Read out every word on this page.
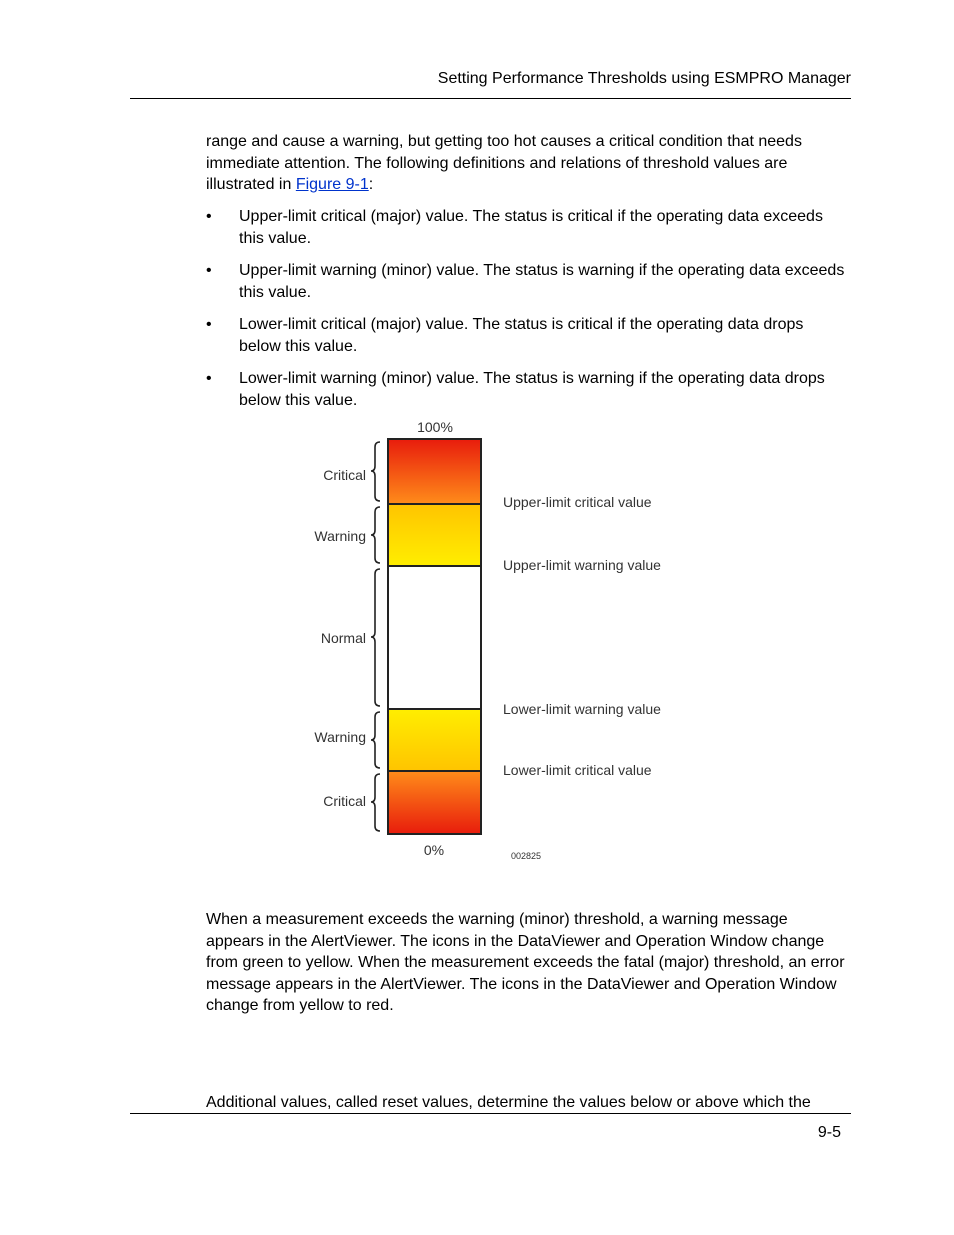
Setting Performance Thresholds using ESMPRO Manager
range and cause a warning, but getting too hot causes a critical condition that needs immediate attention. The following definitions and relations of threshold values are illustrated in Figure 9-1:
• Upper-limit critical (major) value. The status is critical if the operating data exceeds this value.
• Upper-limit warning (minor) value. The status is warning if the operating data exceeds this value.
• Lower-limit critical (major) value. The status is critical if the operating data drops below this value.
• Lower-limit warning (minor) value. The status is warning if the operating data drops below this value.
100%
Critical
Warning
Normal
Warning
Critical
Upper-limit critical value
Upper-limit warning value
Lower-limit warning value
Lower-limit critical value
0%	002825
When a measurement exceeds the warning (minor) threshold, a warning message appears in the AlertViewer. The icons in the DataViewer and Operation Window change from green to yellow. When the measurement exceeds the fatal (major) threshold, an error message appears in the AlertViewer. The icons in the DataViewer and Operation Window change from yellow to red.
Additional values, called reset values, determine the values below or above which the
9-5
